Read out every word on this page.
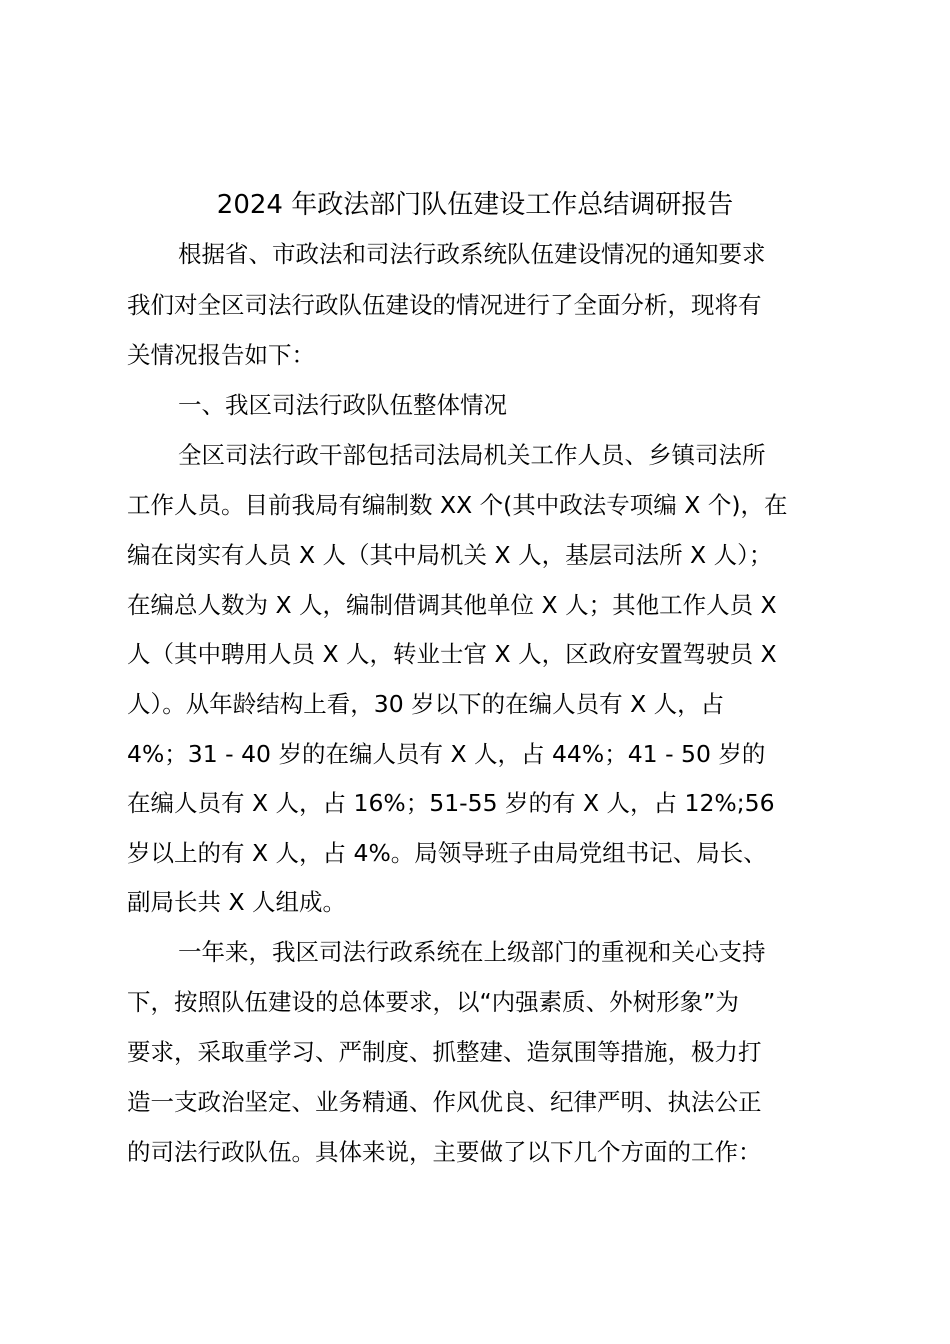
2024 年政法部门队伍建设工作总结调研报告
根据省、市政法和司法行政系统队伍建设情况的通知要求
我们对全区司法行政队伍建设的情况进行了全面分析，现将有
关情况报告如下：
一、我区司法行政队伍整体情况
全区司法行政干部包括司法局机关工作人员、乡镇司法所
工作人员。目前我局有编制数 XX 个(其中政法专项编 X 个)，在
编在岗实有人员 X 人（其中局机关 X 人，基层司法所 X 人）；
在编总人数为 X 人，编制借调其他单位 X 人；其他工作人员 X
人（其中聘用人员 X 人，转业士官 X 人，区政府安置驾驶员 X
人）。从年龄结构上看，30 岁以下的在编人员有 X 人，占
4%；31 - 40 岁的在编人员有 X 人，占 44%；41 - 50 岁的
在编人员有 X 人，占 16%；51-55 岁的有 X 人，占 12%;56
岁以上的有 X 人，占 4%。局领导班子由局党组书记、局长、
副局长共 X 人组成。
一年来，我区司法行政系统在上级部门的重视和关心支持
下，按照队伍建设的总体要求，以“内强素质、外树形象”为
要求，采取重学习、严制度、抓整建、造氛围等措施，极力打
造一支政治坚定、业务精通、作风优良、纪律严明、执法公正
的司法行政队伍。具体来说，主要做了以下几个方面的工作：
